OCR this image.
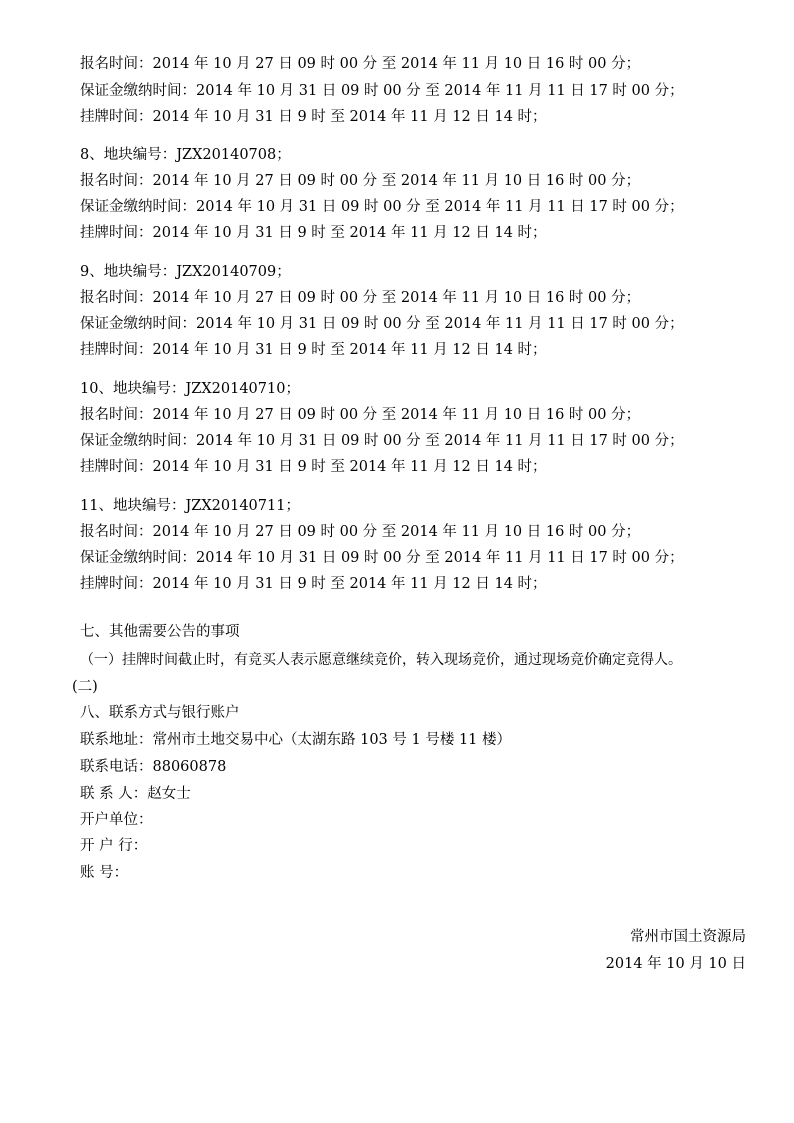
报名时间：2014 年 10 月 27 日 09 时 00 分 至 2014 年 11 月 10 日 16 时 00 分；
保证金缴纳时间：2014 年 10 月 31 日 09 时 00 分 至 2014 年 11 月 11 日 17 时 00 分；
挂牌时间：2014 年 10 月 31 日 9 时 至 2014 年 11 月 12 日 14 时；
8、地块编号：JZX20140708；
报名时间：2014 年 10 月 27 日 09 时 00 分 至 2014 年 11 月 10 日 16 时 00 分；
保证金缴纳时间：2014 年 10 月 31 日 09 时 00 分 至 2014 年 11 月 11 日 17 时 00 分；
挂牌时间：2014 年 10 月 31 日 9 时 至 2014 年 11 月 12 日 14 时；
9、地块编号：JZX20140709；
报名时间：2014 年 10 月 27 日 09 时 00 分 至 2014 年 11 月 10 日 16 时 00 分；
保证金缴纳时间：2014 年 10 月 31 日 09 时 00 分 至 2014 年 11 月 11 日 17 时 00 分；
挂牌时间：2014 年 10 月 31 日 9 时 至 2014 年 11 月 12 日 14 时；
10、地块编号：JZX20140710；
报名时间：2014 年 10 月 27 日 09 时 00 分 至 2014 年 11 月 10 日 16 时 00 分；
保证金缴纳时间：2014 年 10 月 31 日 09 时 00 分 至 2014 年 11 月 11 日 17 时 00 分；
挂牌时间：2014 年 10 月 31 日 9 时 至 2014 年 11 月 12 日 14 时；
11、地块编号：JZX20140711；
报名时间：2014 年 10 月 27 日 09 时 00 分 至 2014 年 11 月 10 日 16 时 00 分；
保证金缴纳时间：2014 年 10 月 31 日 09 时 00 分 至 2014 年 11 月 11 日 17 时 00 分；
挂牌时间：2014 年 10 月 31 日 9 时 至 2014 年 11 月 12 日 14 时；
七、其他需要公告的事项
（一）挂牌时间截止时，有竞买人表示愿意继续竞价，转入现场竞价，通过现场竞价确定竞得人。
(二)
八、联系方式与银行账户
联系地址：常州市土地交易中心（太湖东路 103 号 1 号楼 11 楼）
联系电话：88060878
联 系 人：赵女士
开户单位：
开 户 行：
账 号：
常州市国土资源局
2014 年 10 月 10 日
